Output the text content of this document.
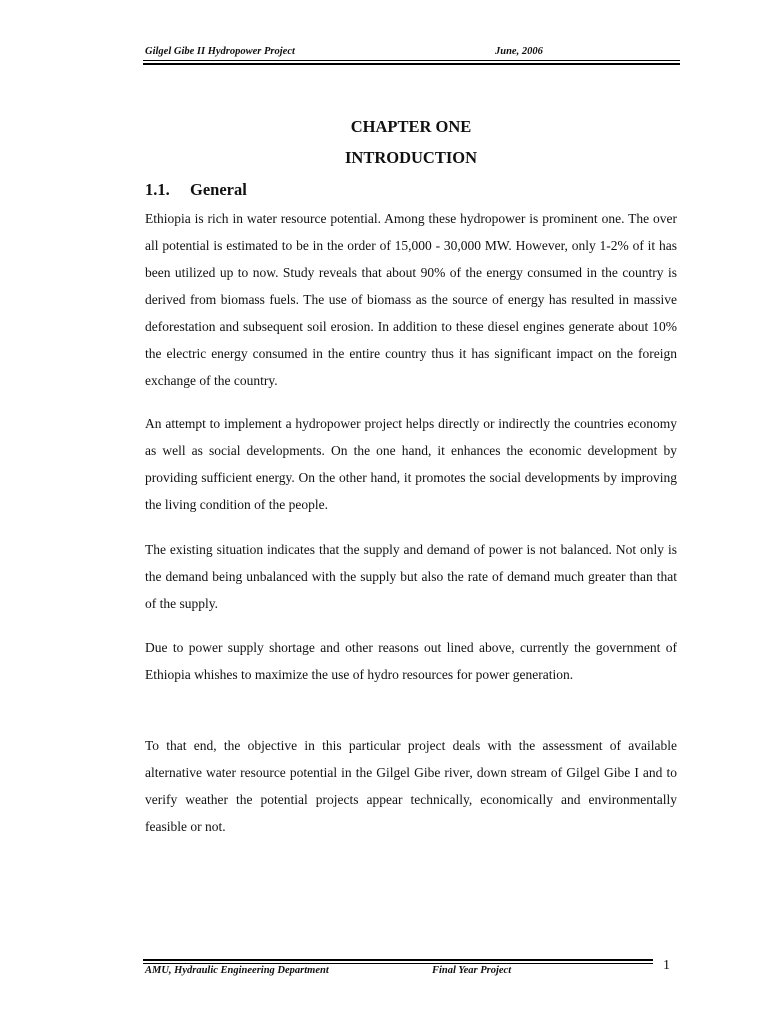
Gilgel Gibe II Hydropower Project	June, 2006
CHAPTER ONE
INTRODUCTION
1.1. General

Ethiopia is rich in water resource potential. Among these hydropower is prominent one. The over all potential is estimated to be in the order of 15,000 - 30,000 MW. However, only 1-2% of it has been utilized up to now. Study reveals that about 90% of the energy consumed in the country is derived from biomass fuels. The use of biomass as the source of energy has resulted in massive deforestation and subsequent soil erosion. In addition to these diesel engines generate about 10% the electric energy consumed in the entire country thus it has significant impact on the foreign exchange of the country.

An attempt to implement a hydropower project helps directly or indirectly the countries economy as well as social developments. On the one hand, it enhances the economic development by providing sufficient energy. On the other hand, it promotes the social developments by improving the living condition of the people.

The existing situation indicates that the supply and demand of power is not balanced. Not only is the demand being unbalanced with the supply but also the rate of demand much greater than that of the supply.

Due to power supply shortage and other reasons out lined above, currently the government of Ethiopia whishes to maximize the use of hydro resources for power generation.

To that end, the objective in this particular project deals with the assessment of available alternative water resource potential in the Gilgel Gibe river, down stream of Gilgel Gibe I and to verify weather the potential projects appear technically, economically and environmentally feasible or not.

AMU, Hydraulic Engineering Department	Final Year Project	1
